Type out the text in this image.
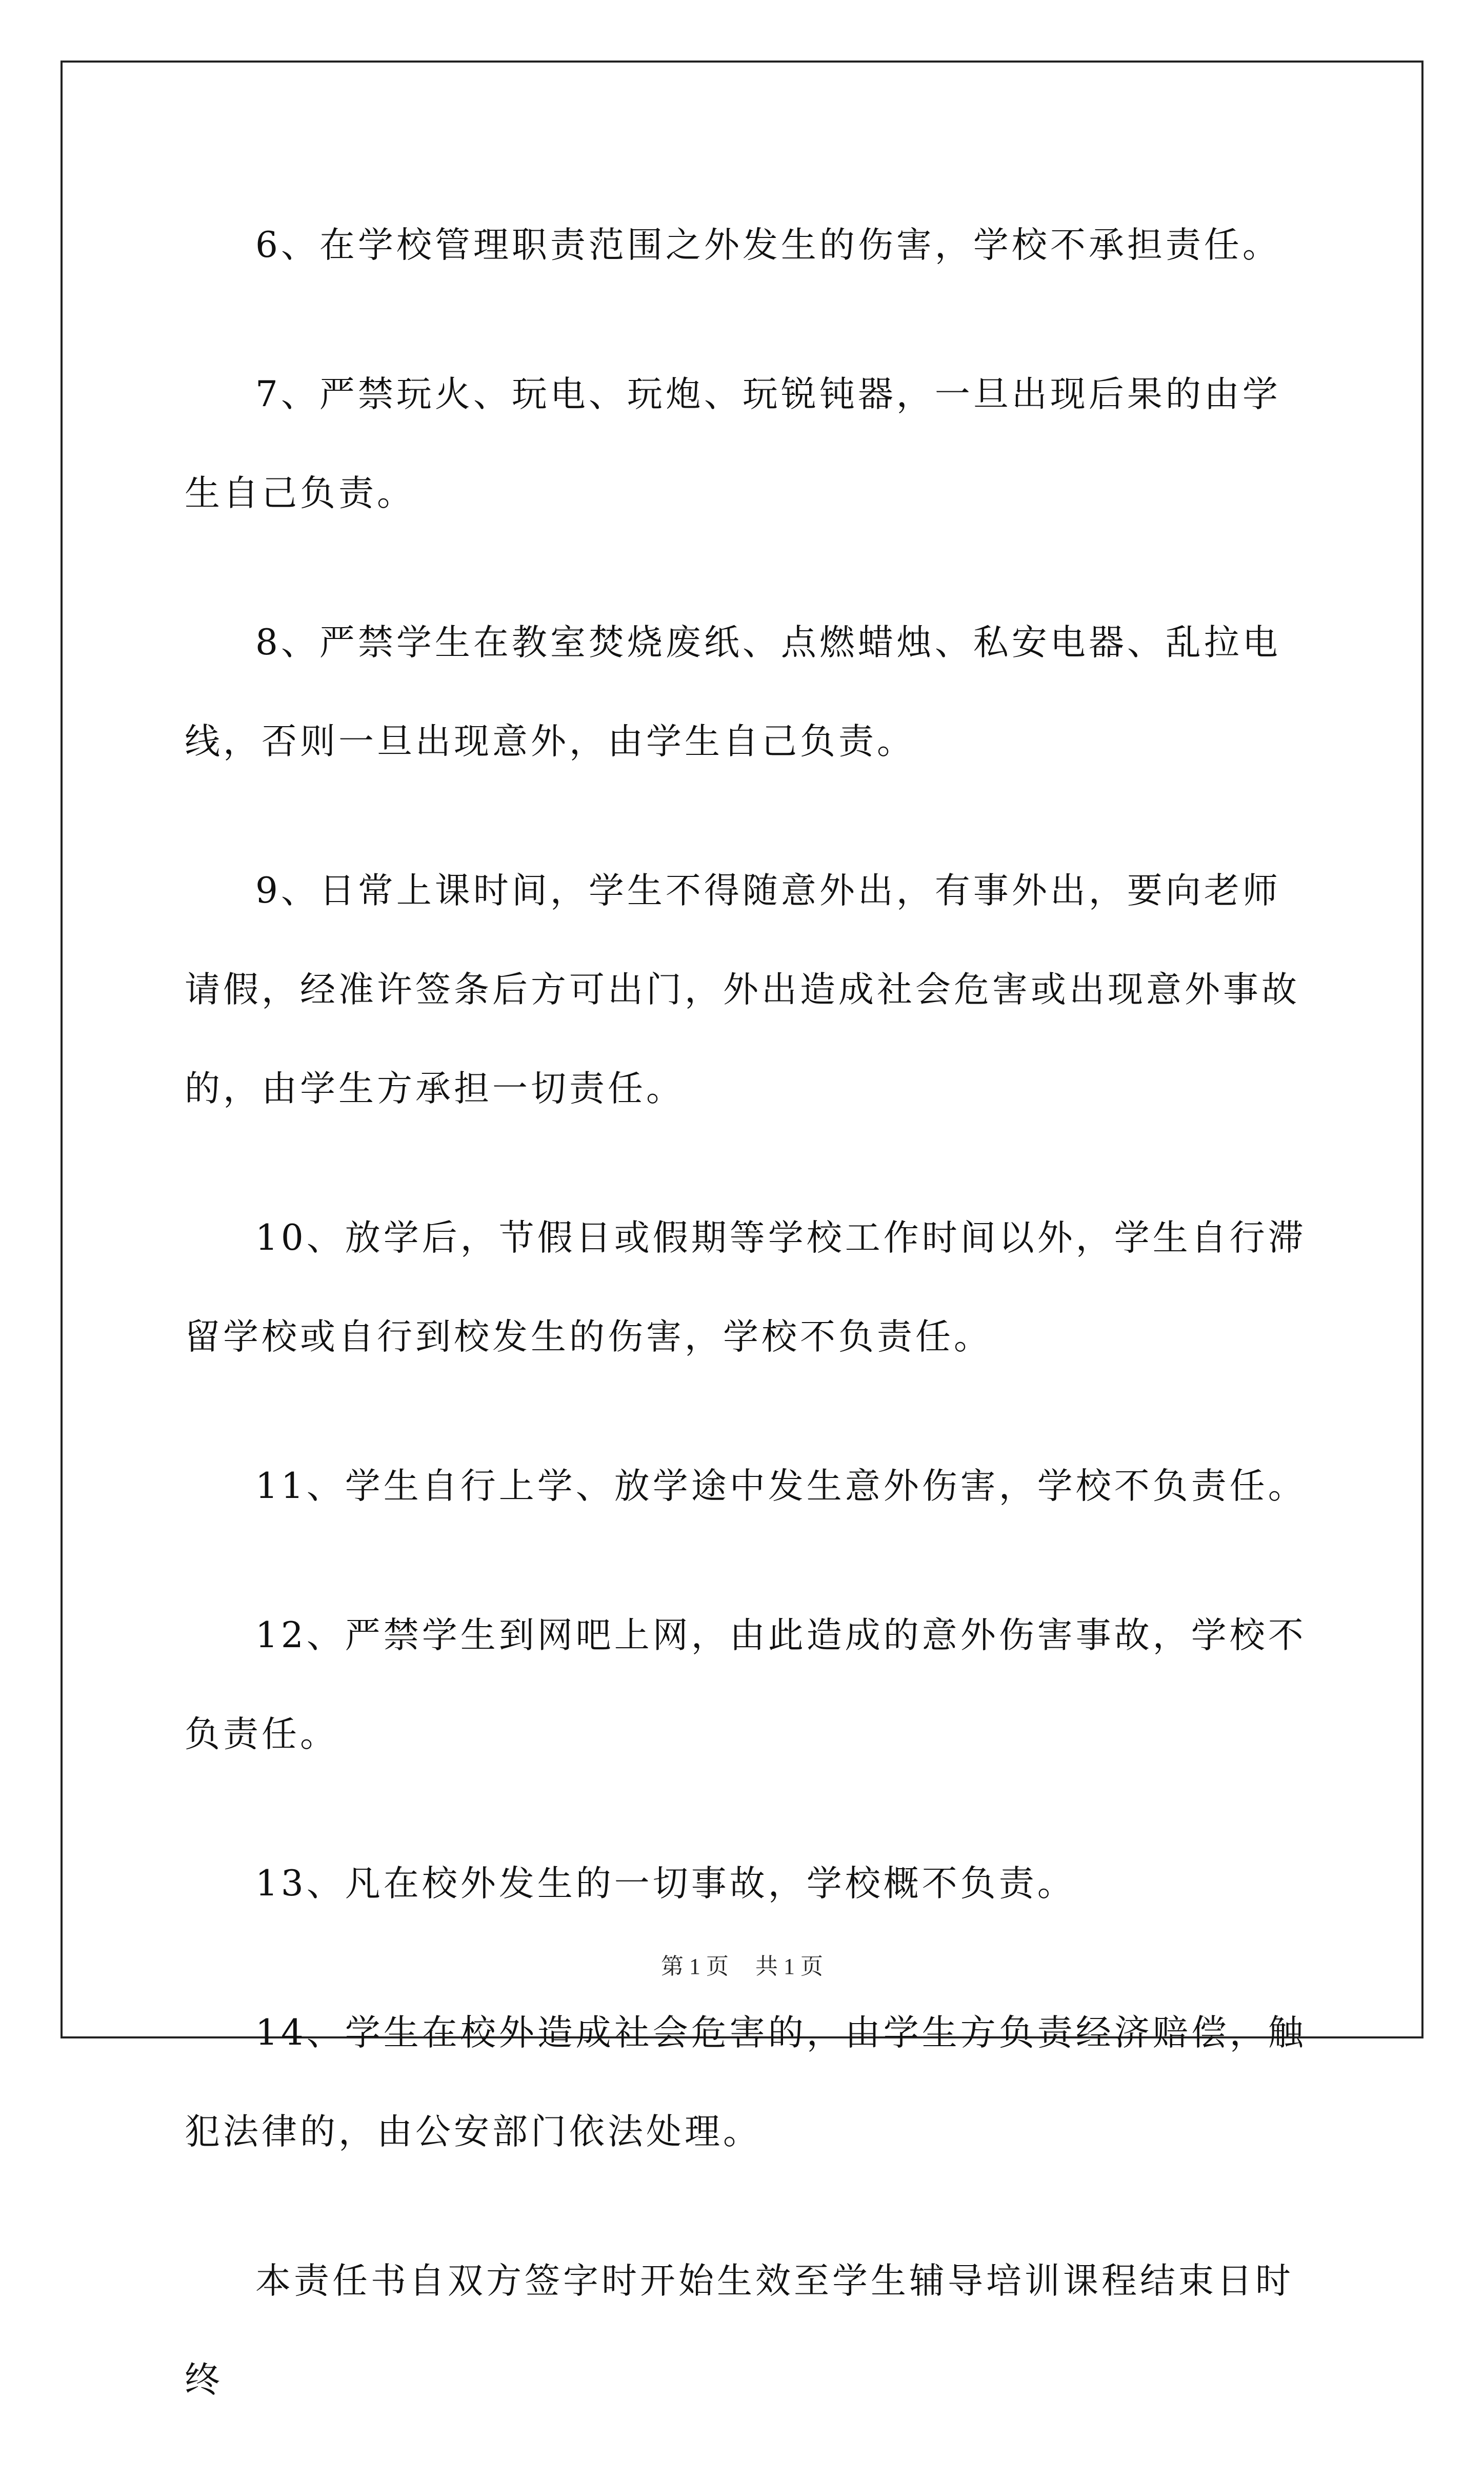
6、在学校管理职责范围之外发生的伤害，学校不承担责任。

7、严禁玩火、玩电、玩炮、玩锐钝器，一旦出现后果的由学生自己负责。

8、严禁学生在教室焚烧废纸、点燃蜡烛、私安电器、乱拉电线，否则一旦出现意外，由学生自己负责。

9、日常上课时间，学生不得随意外出，有事外出，要向老师请假，经准许签条后方可出门，外出造成社会危害或出现意外事故的，由学生方承担一切责任。

10、放学后，节假日或假期等学校工作时间以外，学生自行滞留学校或自行到校发生的伤害，学校不负责任。

11、学生自行上学、放学途中发生意外伤害，学校不负责任。

12、严禁学生到网吧上网，由此造成的意外伤害事故，学校不负责任。

13、凡在校外发生的一切事故，学校概不负责。

14、学生在校外造成社会危害的，由学生方负责经济赔偿，触犯法律的，由公安部门依法处理。

本责任书自双方签字时开始生效至学生辅导培训课程结束日时终

第 1 页 共 1 页
